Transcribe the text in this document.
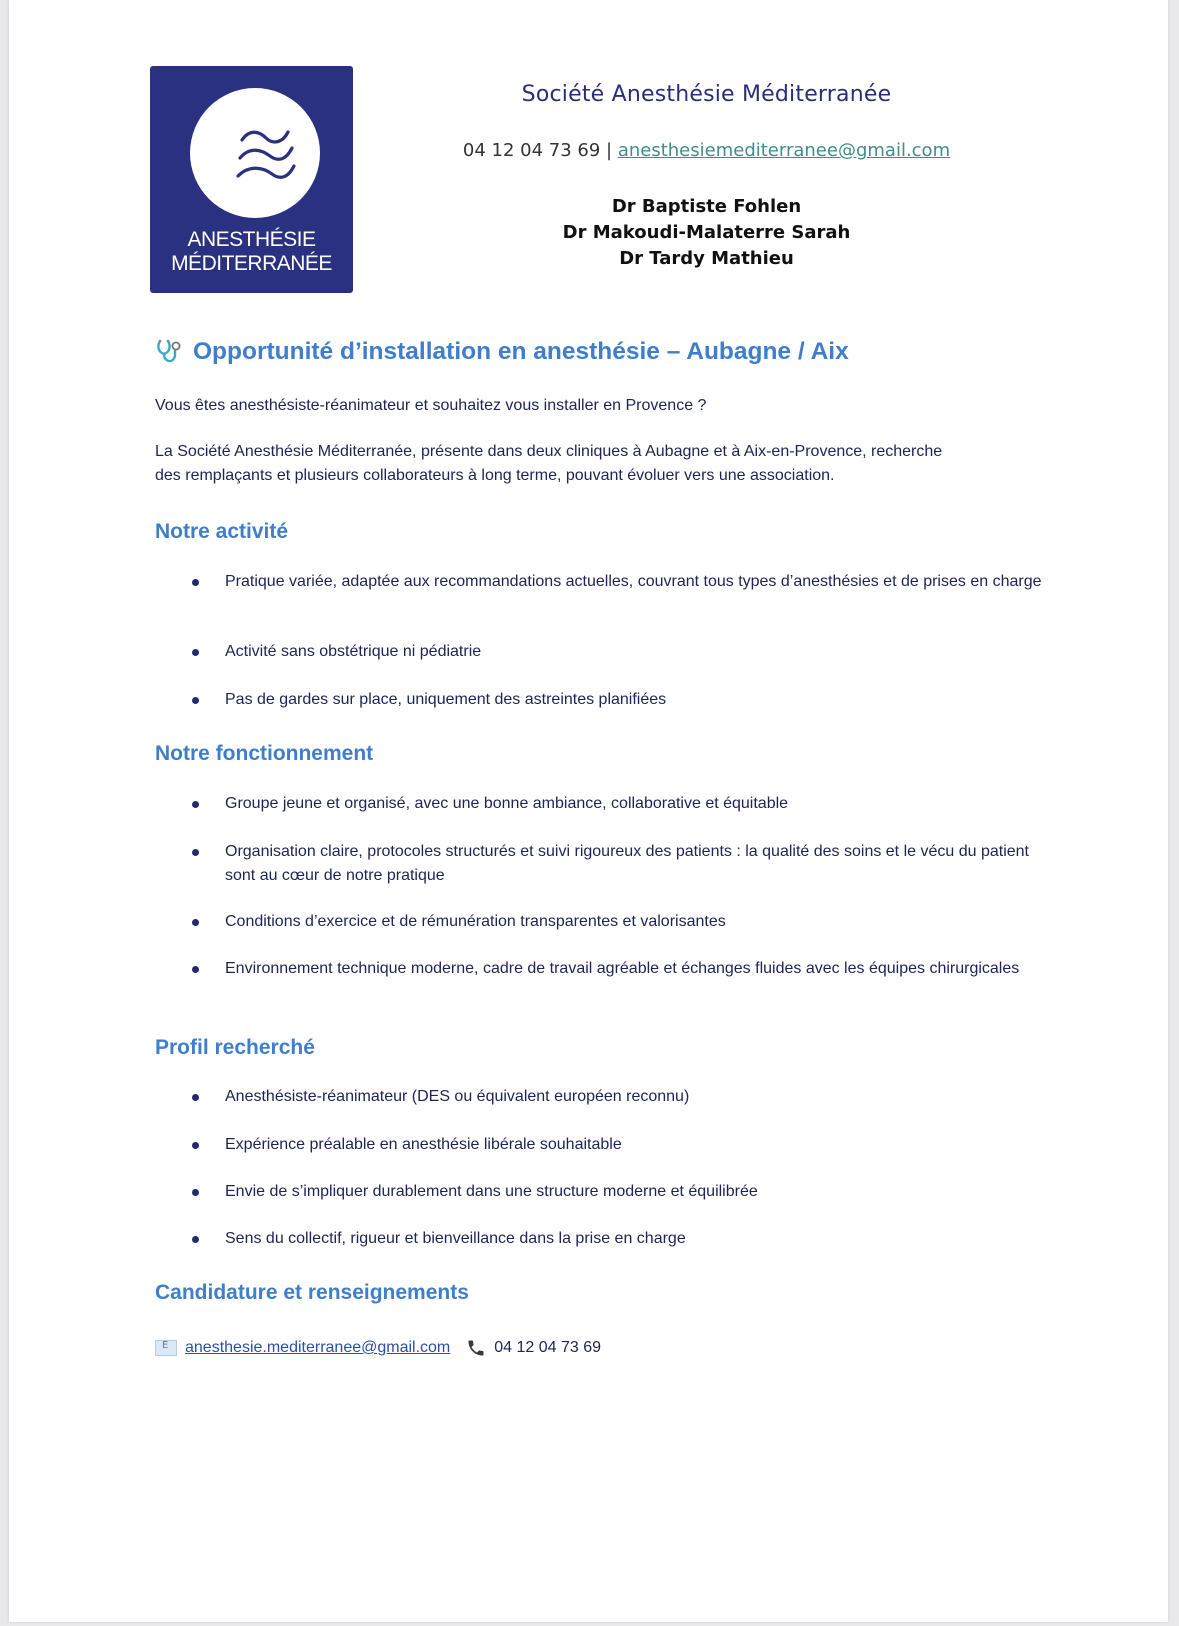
ANESTHÉSIE
MÉDITERRANÉE
Société Anesthésie Méditerranée
04 12 04 73 69 | anesthesiemediterranee@gmail.com
Dr Baptiste Fohlen
Dr Makoudi-Malaterre Sarah
Dr Tardy Mathieu
Opportunité d’installation en anesthésie – Aubagne / Aix
Vous êtes anesthésiste-réanimateur et souhaitez vous installer en Provence ?
La Société Anesthésie Méditerranée, présente dans deux cliniques à Aubagne et à Aix-en-Provence, recherche
des remplaçants et plusieurs collaborateurs à long terme, pouvant évoluer vers une association.
Notre activité
Pratique variée, adaptée aux recommandations actuelles, couvrant tous types d’anesthésies et de prises en charge
Activité sans obstétrique ni pédiatrie
Pas de gardes sur place, uniquement des astreintes planifiées
Notre fonctionnement
Groupe jeune et organisé, avec une bonne ambiance, collaborative et équitable
Organisation claire, protocoles structurés et suivi rigoureux des patients : la qualité des soins et le vécu du patient sont au cœur de notre pratique
Conditions d’exercice et de rémunération transparentes et valorisantes
Environnement technique moderne, cadre de travail agréable et échanges fluides avec les équipes chirurgicales
Profil recherché
Anesthésiste-réanimateur (DES ou équivalent européen reconnu)
Expérience préalable en anesthésie libérale souhaitable
Envie de s’impliquer durablement dans une structure moderne et équilibrée
Sens du collectif, rigueur et bienveillance dans la prise en charge
Candidature et renseignements
E
anesthesie.mediterranee@gmail.com	04 12 04 73 69
